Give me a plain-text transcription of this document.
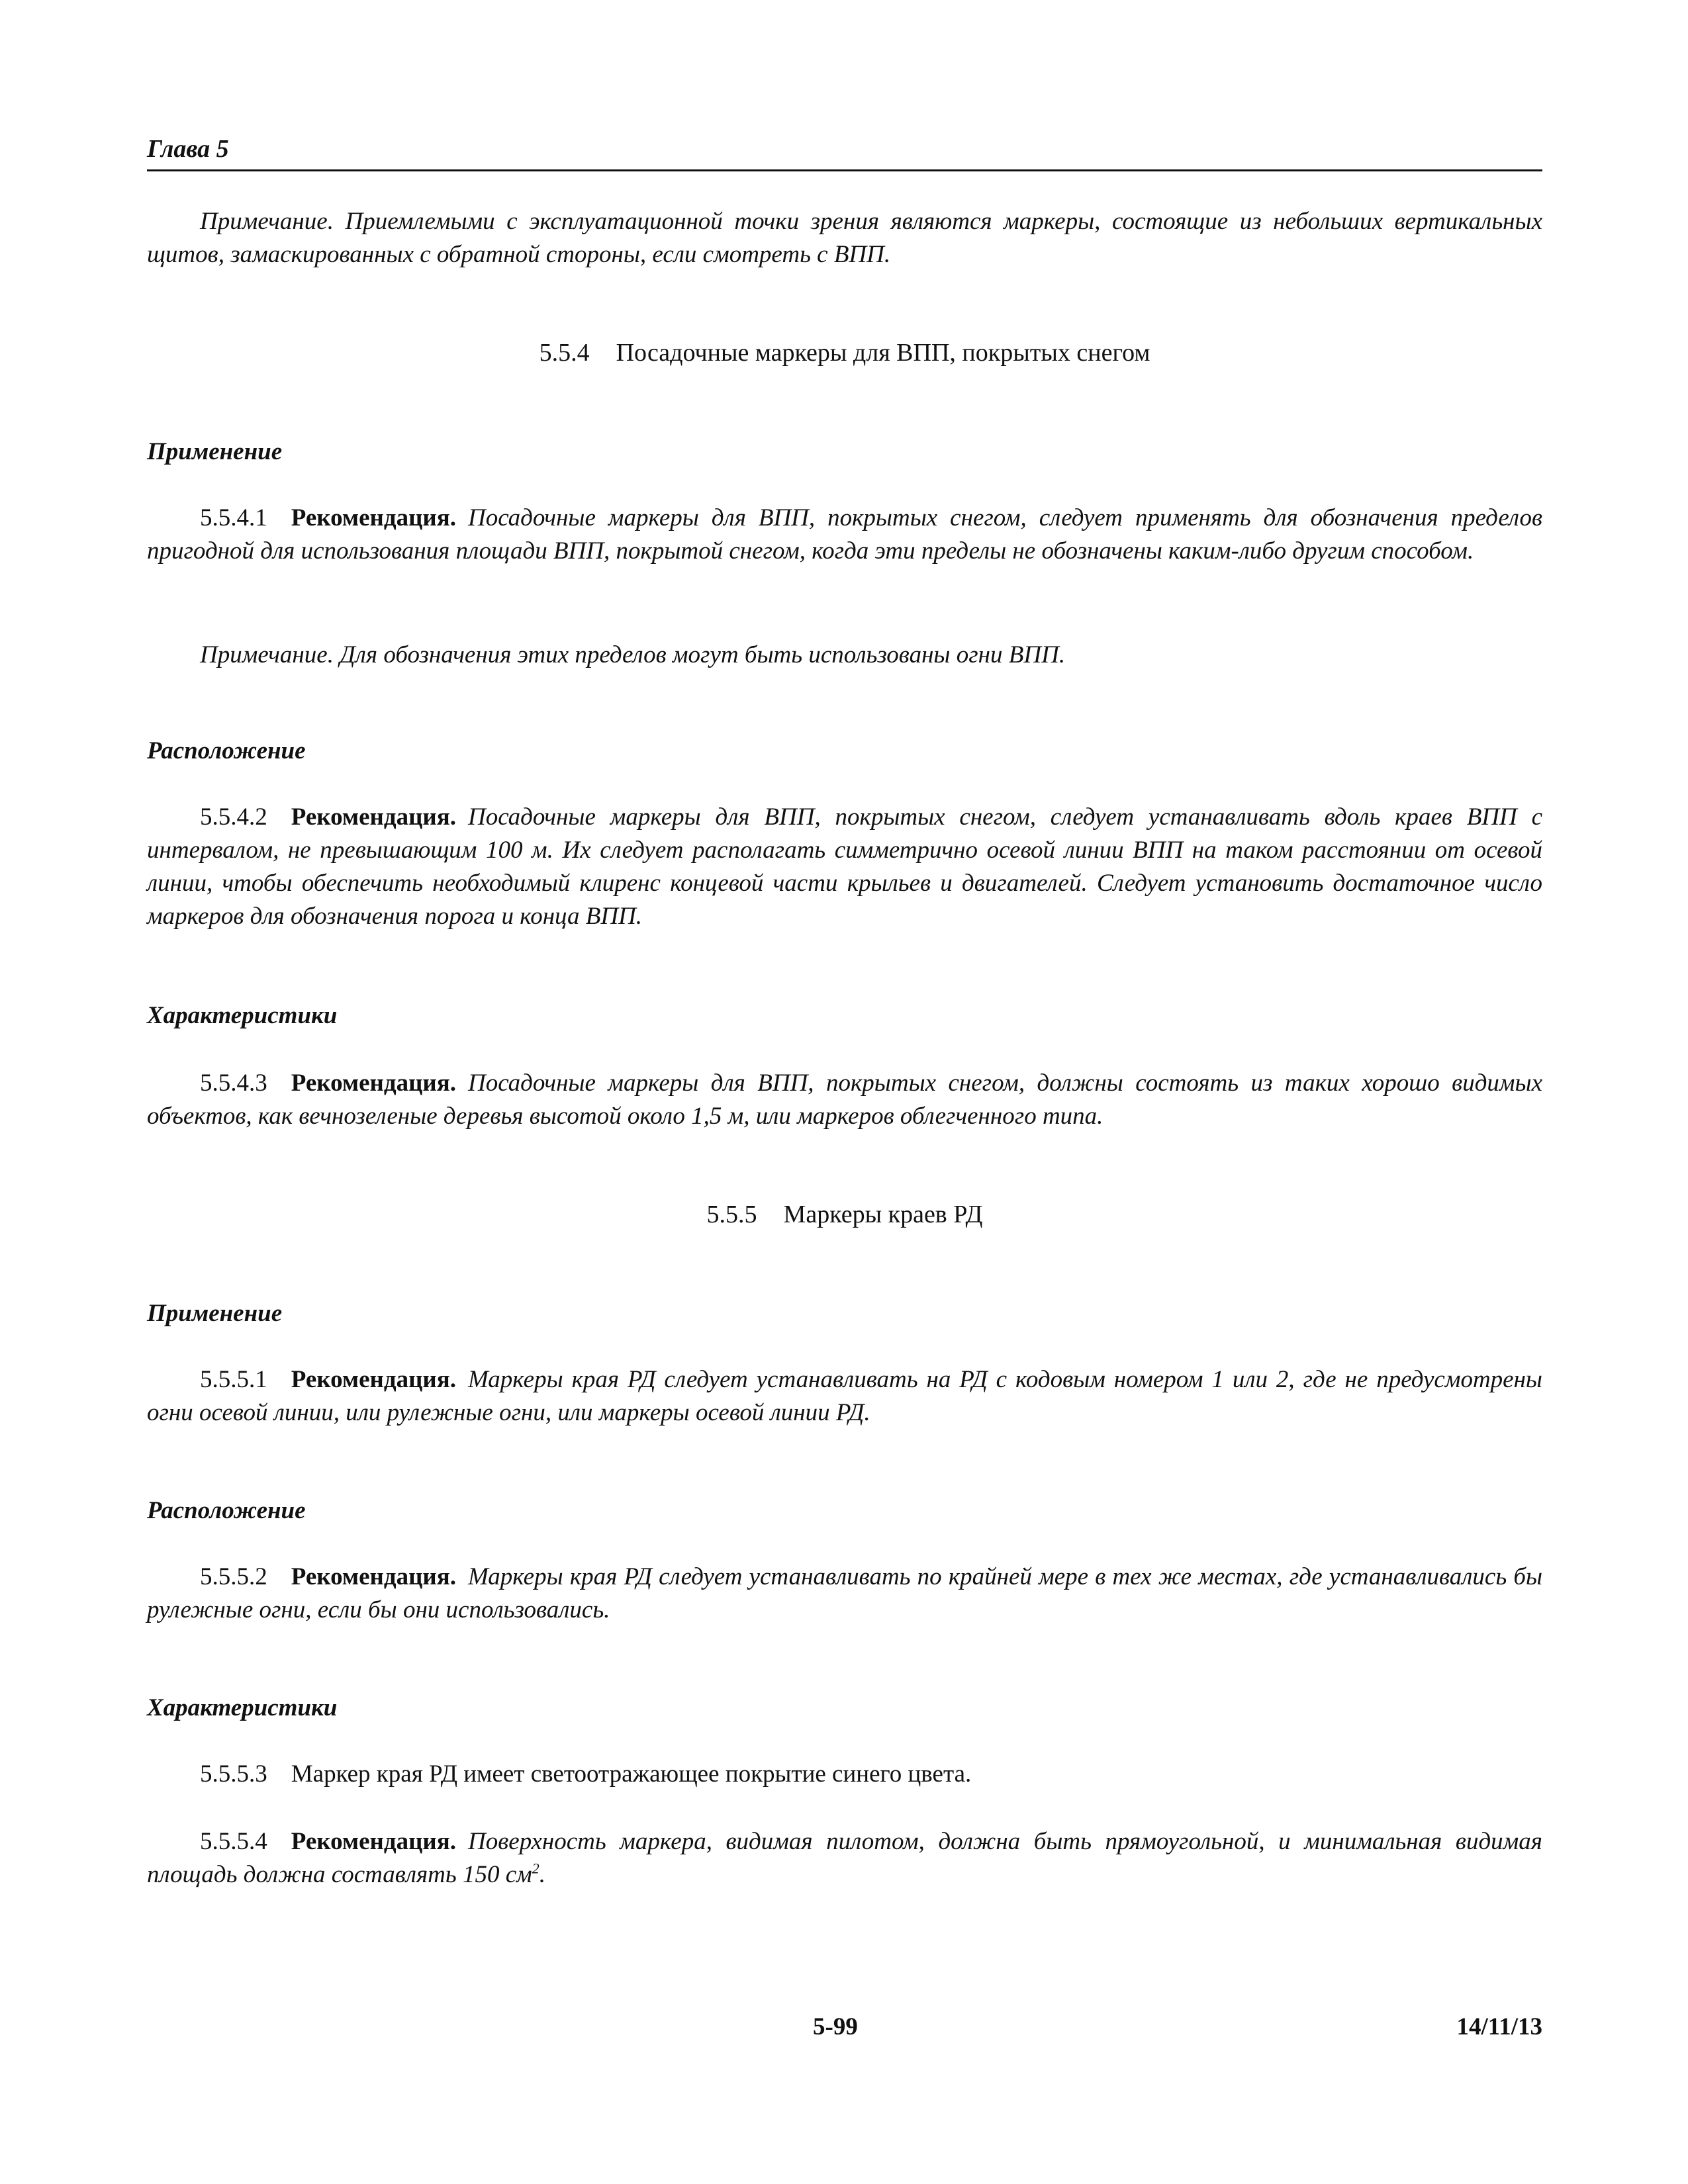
Глава 5
Примечание. Приемлемыми с эксплуатационной точки зрения являются маркеры, состоящие из небольших вертикальных щитов, замаскированных с обратной стороны, если смотреть с ВПП.
5.5.4 Посадочные маркеры для ВПП, покрытых снегом
Применение
5.5.4.1 Рекомендация. Посадочные маркеры для ВПП, покрытых снегом, следует применять для обозначения пределов пригодной для использования площади ВПП, покрытой снегом, когда эти пределы не обозначены каким-либо другим способом.
Примечание. Для обозначения этих пределов могут быть использованы огни ВПП.
Расположение
5.5.4.2 Рекомендация. Посадочные маркеры для ВПП, покрытых снегом, следует устанавливать вдоль краев ВПП с интервалом, не превышающим 100 м. Их следует располагать симметрично осевой линии ВПП на таком расстоянии от осевой линии, чтобы обеспечить необходимый клиренс концевой части крыльев и двигателей. Следует установить достаточное число маркеров для обозначения порога и конца ВПП.
Характеристики
5.5.4.3 Рекомендация. Посадочные маркеры для ВПП, покрытых снегом, должны состоять из таких хорошо видимых объектов, как вечнозеленые деревья высотой около 1,5 м, или маркеров облегченного типа.
5.5.5 Маркеры краев РД
Применение
5.5.5.1 Рекомендация. Маркеры края РД следует устанавливать на РД с кодовым номером 1 или 2, где не предусмотрены огни осевой линии, или рулежные огни, или маркеры осевой линии РД.
Расположение
5.5.5.2 Рекомендация. Маркеры края РД следует устанавливать по крайней мере в тех же местах, где устанавливались бы рулежные огни, если бы они использовались.
Характеристики
5.5.5.3 Маркер края РД имеет светоотражающее покрытие синего цвета.
5.5.5.4 Рекомендация. Поверхность маркера, видимая пилотом, должна быть прямоугольной, и минимальная видимая площадь должна составлять 150 $см^2$.
5-99	14/11/13
